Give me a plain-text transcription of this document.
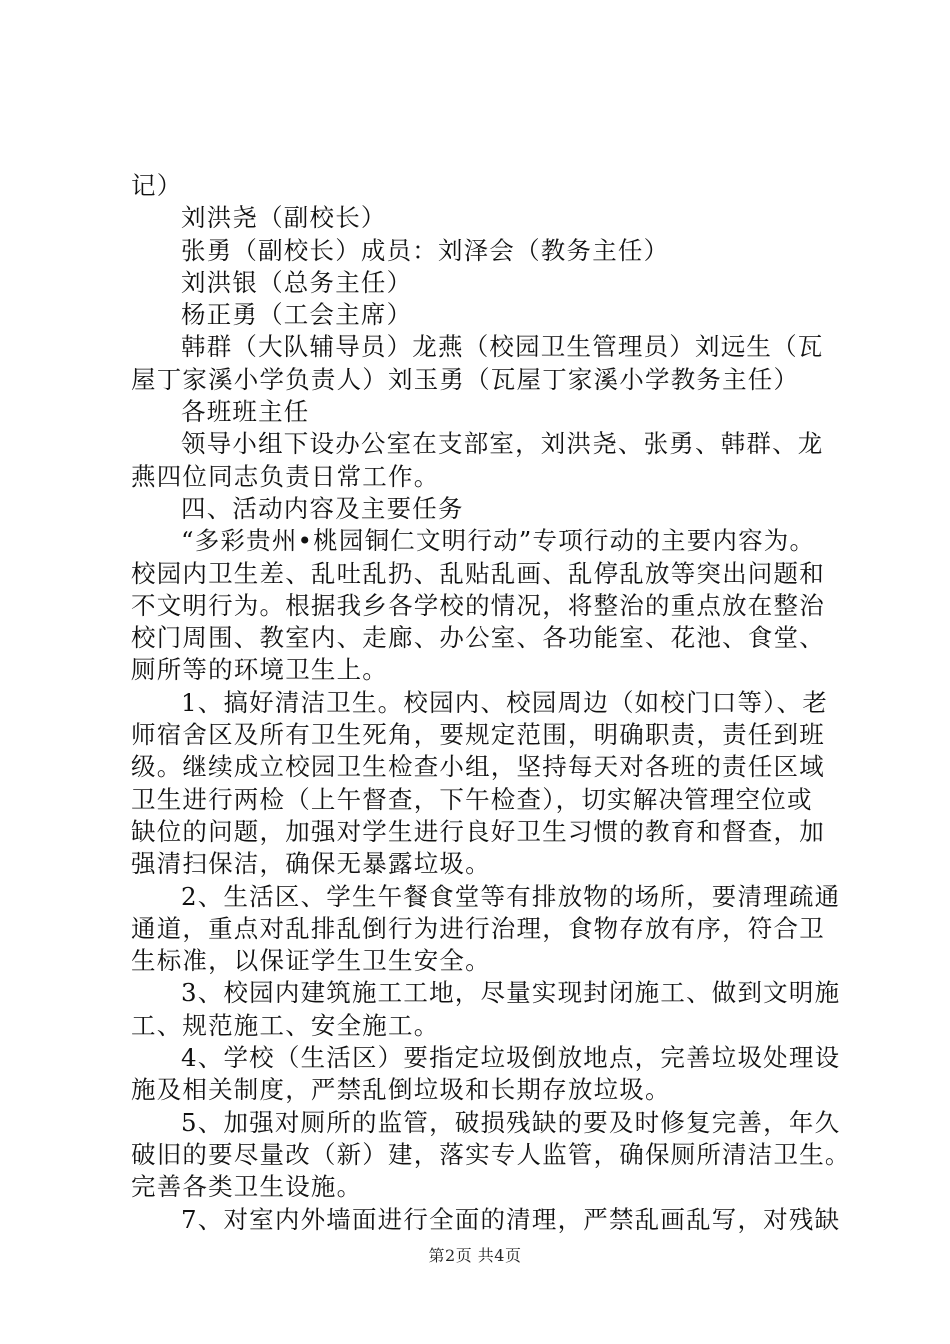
记）
刘洪尧（副校长）
张勇（副校长）成员：刘泽会（教务主任）
刘洪银（总务主任）
杨正勇（工会主席）
韩群（大队辅导员）龙燕（校园卫生管理员）刘远生（瓦
屋丁家溪小学负责人）刘玉勇（瓦屋丁家溪小学教务主任）
各班班主任
领导小组下设办公室在支部室，刘洪尧、张勇、韩群、龙
燕四位同志负责日常工作。
四、活动内容及主要任务
“多彩贵州•桃园铜仁文明行动”专项行动的主要内容为。
校园内卫生差、乱吐乱扔、乱贴乱画、乱停乱放等突出问题和
不文明行为。根据我乡各学校的情况，将整治的重点放在整治
校门周围、教室内、走廊、办公室、各功能室、花池、食堂、
厕所等的环境卫生上。
1、搞好清洁卫生。校园内、校园周边（如校门口等）、老
师宿舍区及所有卫生死角，要规定范围，明确职责，责任到班
级。继续成立校园卫生检查小组，坚持每天对各班的责任区域
卫生进行两检（上午督查，下午检查），切实解决管理空位或
缺位的问题，加强对学生进行良好卫生习惯的教育和督查，加
强清扫保洁，确保无暴露垃圾。
2、生活区、学生午餐食堂等有排放物的场所，要清理疏通
通道，重点对乱排乱倒行为进行治理，食物存放有序，符合卫
生标准，以保证学生卫生安全。
3、校园内建筑施工工地，尽量实现封闭施工、做到文明施
工、规范施工、安全施工。
4、学校（生活区）要指定垃圾倒放地点，完善垃圾处理设
施及相关制度，严禁乱倒垃圾和长期存放垃圾。
5、加强对厕所的监管，破损残缺的要及时修复完善，年久
破旧的要尽量改（新）建，落实专人监管，确保厕所清洁卫生。
完善各类卫生设施。
7、对室内外墙面进行全面的清理，严禁乱画乱写，对残缺
第2页 共4页
